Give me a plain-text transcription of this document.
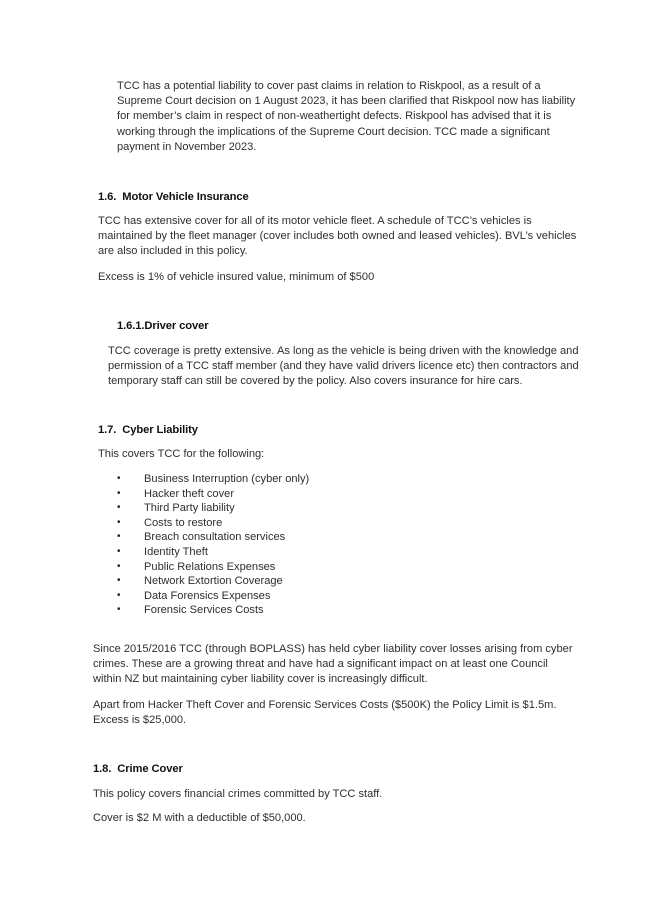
TCC has a potential liability to cover past claims in relation to Riskpool, as a result of a
Supreme Court decision on 1 August 2023, it has been clarified that Riskpool now has liability
for member’s claim in respect of non-weathertight defects. Riskpool has advised that it is
working through the implications of the Supreme Court decision. TCC made a significant
payment in November 2023.

1.6. Motor Vehicle Insurance

TCC has extensive cover for all of its motor vehicle fleet. A schedule of TCC’s vehicles is
maintained by the fleet manager (cover includes both owned and leased vehicles). BVL’s vehicles
are also included in this policy.

Excess is 1% of vehicle insured value, minimum of $500

1.6.1.Driver cover

TCC coverage is pretty extensive. As long as the vehicle is being driven with the knowledge and
permission of a TCC staff member (and they have valid drivers licence etc) then contractors and
temporary staff can still be covered by the policy. Also covers insurance for hire cars.

1.7. Cyber Liability

This covers TCC for the following:

• Business Interruption (cyber only)
• Hacker theft cover
• Third Party liability
• Costs to restore
• Breach consultation services
• Identity Theft
• Public Relations Expenses
• Network Extortion Coverage
• Data Forensics Expenses
• Forensic Services Costs

Since 2015/2016 TCC (through BOPLASS) has held cyber liability cover losses arising from cyber
crimes. These are a growing threat and have had a significant impact on at least one Council
within NZ but maintaining cyber liability cover is increasingly difficult.

Apart from Hacker Theft Cover and Forensic Services Costs ($500K) the Policy Limit is $1.5m.
Excess is $25,000.

1.8. Crime Cover

This policy covers financial crimes committed by TCC staff.

Cover is $2 M with a deductible of $50,000.
